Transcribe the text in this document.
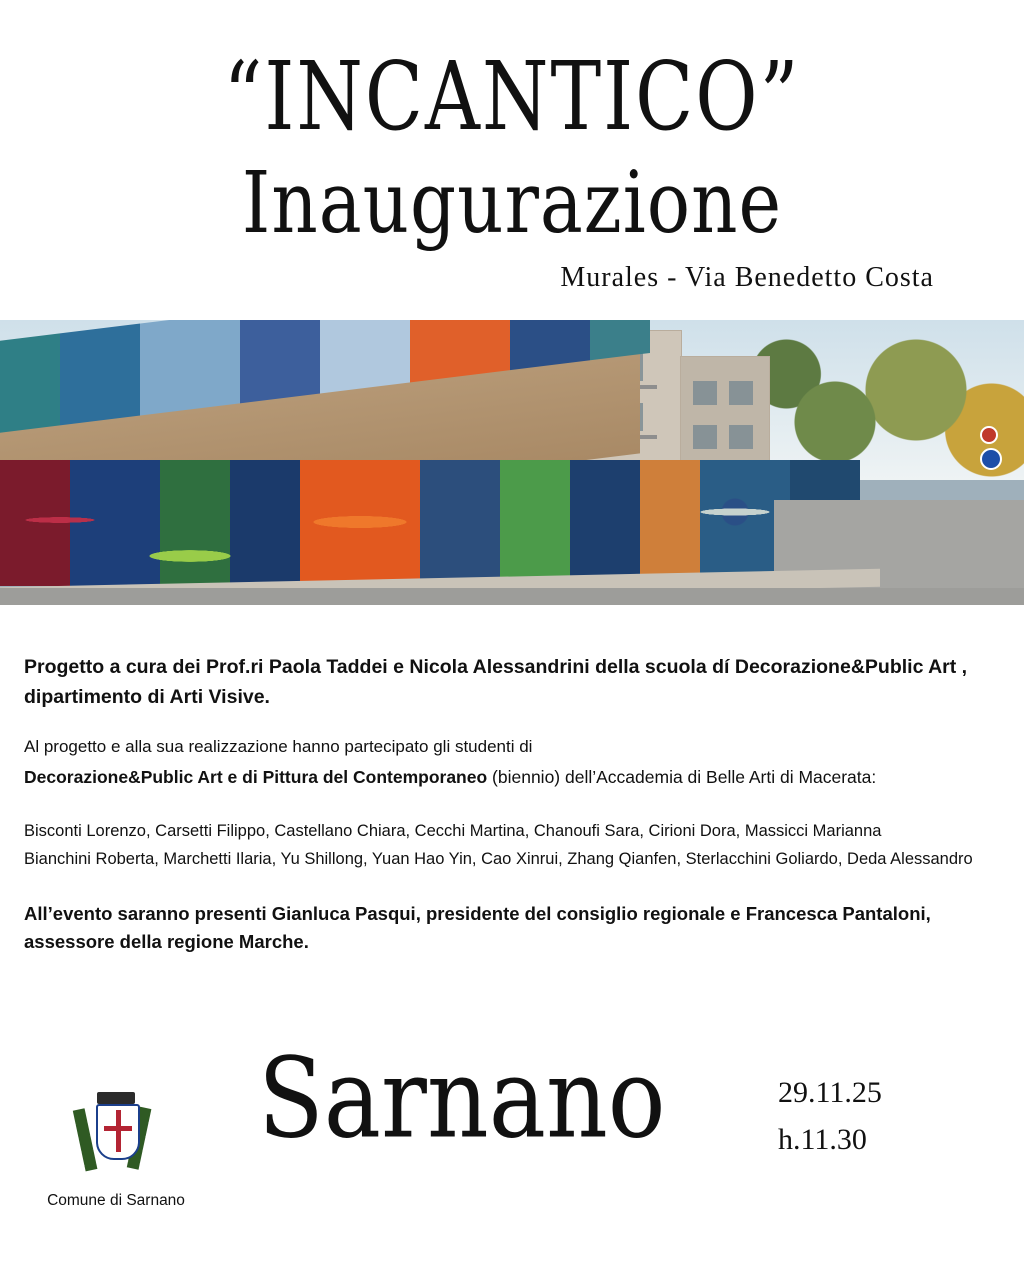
“INCANTICO”
Inaugurazione
Murales - Via Benedetto Costa

Progetto a cura dei Prof.ri Paola Taddei e Nicola Alessandrini della scuola dí Decorazione&Public Art , dipartimento di Arti Visive.

Al progetto e alla sua realizzazione hanno partecipato gli studenti di

Decorazione&Public Art e di Pittura del Contemporaneo (biennio) dell’Accademia di Belle Arti di Macerata:

Bisconti Lorenzo, Carsetti Filippo, Castellano Chiara, Cecchi Martina, Chanoufi Sara, Cirioni Dora, Massicci Marianna
Bianchini Roberta, Marchetti Ilaria, Yu Shillong, Yuan Hao Yin, Cao Xinrui, Zhang Qianfen, Sterlacchini Goliardo, Deda Alessandro

All’evento saranno presenti Gianluca Pasqui, presidente del consiglio regionale e Francesca Pantaloni, assessore della regione Marche.

Sarnano	29.11.25
h.11.30
Comune di Sarnano
